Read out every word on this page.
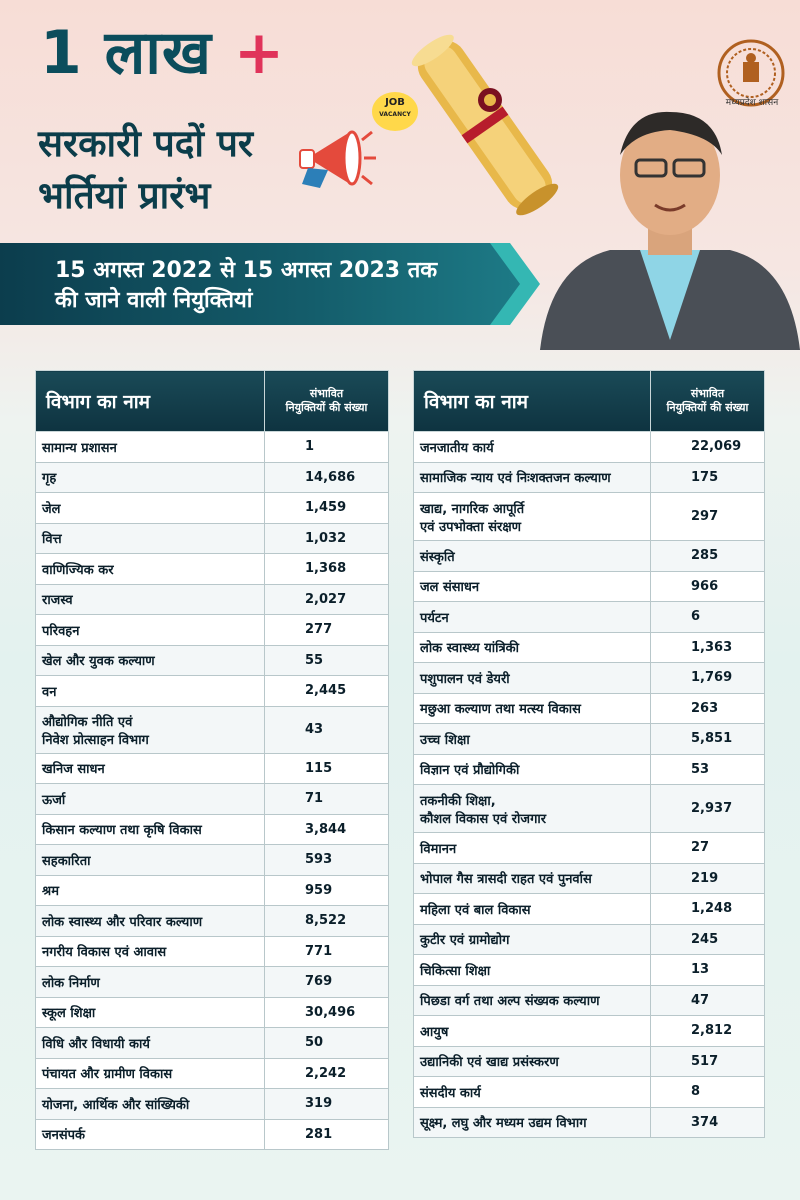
1 लाख +
सरकारी पदों पर
भर्तियां प्रारंभ
JOB
VACANCY
मध्यप्रदेश शासन
15 अगस्त 2022 से 15 अगस्त 2023 तक
की जाने वाली नियुक्तियां
विभाग का नाम	संभावित
नियुक्तियों की संख्या

सामान्य प्रशासन	1

गृह	14,686

जेल	1,459

वित्त	1,032

वाणिज्यिक कर	1,368

राजस्व	2,027

परिवहन	277

खेल और युवक कल्याण	55

वन	2,445

औद्योगिक नीति एवं
निवेश प्रोत्साहन विभाग	43

खनिज साधन	115

ऊर्जा	71

किसान कल्याण तथा कृषि विकास	3,844

सहकारिता	593

श्रम	959

लोक स्वास्थ्य और परिवार कल्याण	8,522

नगरीय विकास एवं आवास	771

लोक निर्माण	769

स्कूल शिक्षा	30,496

विधि और विधायी कार्य	50

पंचायत और ग्रामीण विकास	2,242

योजना, आर्थिक और सांख्यिकी	319

जनसंपर्क	281
विभाग का नाम	संभावित
नियुक्तियों की संख्या

जनजातीय कार्य	22,069

सामाजिक न्याय एवं निःशक्तजन कल्याण	175

खाद्य, नागरिक आपूर्ति
एवं उपभोक्ता संरक्षण	297

संस्कृति	285

जल संसाधन	966

पर्यटन	6

लोक स्वास्थ्य यांत्रिकी	1,363

पशुपालन एवं डेयरी	1,769

मछुआ कल्याण तथा मत्स्य विकास	263

उच्च शिक्षा	5,851

विज्ञान एवं प्रौद्योगिकी	53

तकनीकी शिक्षा,
कौशल विकास एवं रोजगार	2,937

विमानन	27

भोपाल गैस त्रासदी राहत एवं पुनर्वास	219

महिला एवं बाल विकास	1,248

कुटीर एवं ग्रामोद्योग	245

चिकित्सा शिक्षा	13

पिछडा वर्ग तथा अल्प संख्यक कल्याण	47

आयुष	2,812

उद्यानिकी एवं खाद्य प्रसंस्करण	517

संसदीय कार्य	8

सूक्ष्म, लघु और मध्यम उद्यम विभाग	374
